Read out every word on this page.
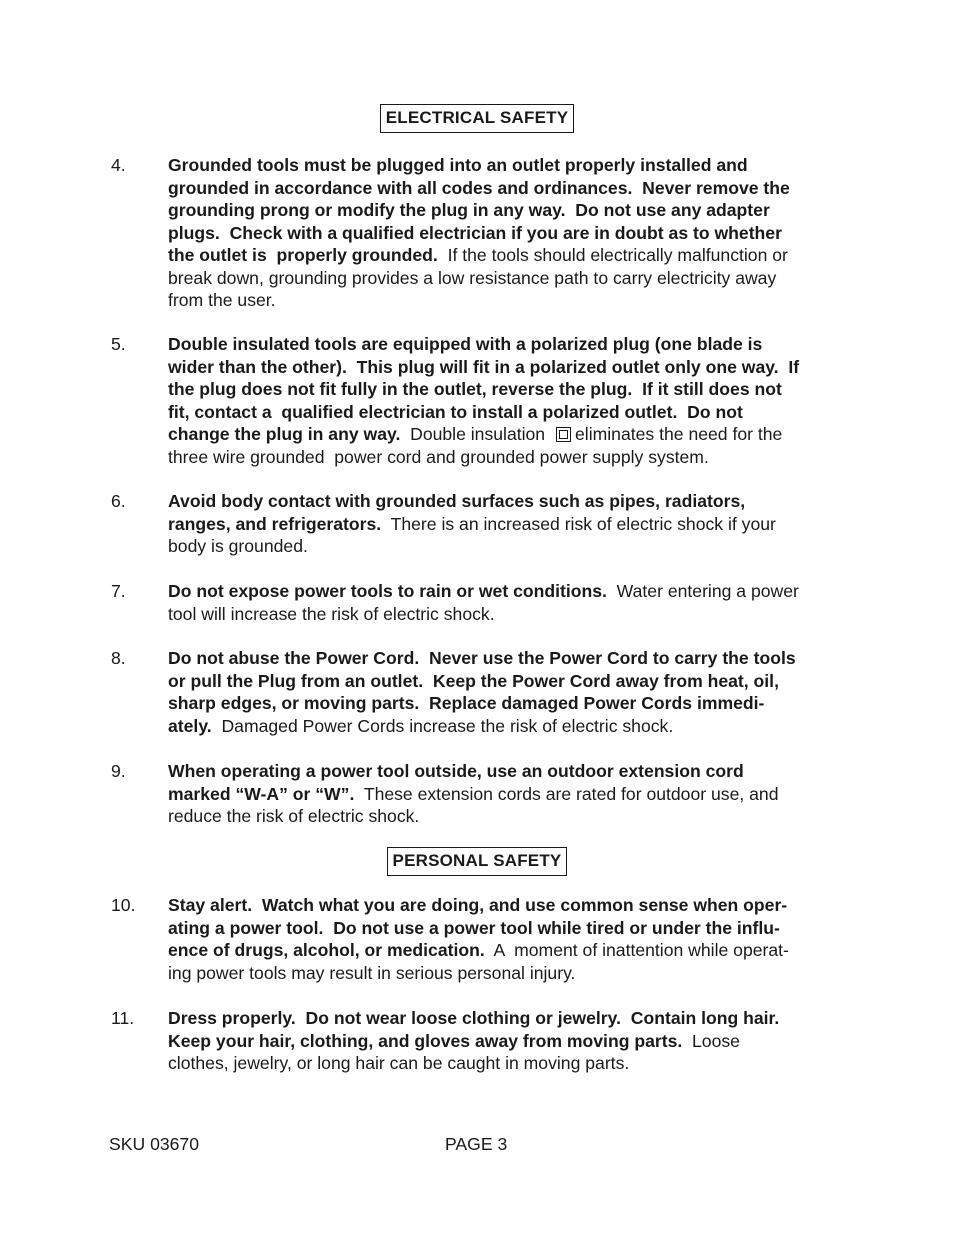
ELECTRICAL SAFETY
4. Grounded tools must be plugged into an outlet properly installed and
grounded in accordance with all codes and ordinances.  Never remove the
grounding prong or modify the plug in any way.  Do not use any adapter
plugs.  Check with a qualified electrician if you are in doubt as to whether
the outlet is  properly grounded.  If the tools should electrically malfunction or
break down, grounding provides a low resistance path to carry electricity away
from the user.
5. Double insulated tools are equipped with a polarized plug (one blade is
wider than the other).  This plug will fit in a polarized outlet only one way.  If
the plug does not fit fully in the outlet, reverse the plug.  If it still does not
fit, contact a  qualified electrician to install a polarized outlet.  Do not
change the plug in any way.  Double insulation eliminates the need for the
three wire grounded  power cord and grounded power supply system.
6. Avoid body contact with grounded surfaces such as pipes, radiators,
ranges, and refrigerators.  There is an increased risk of electric shock if your
body is grounded.
7. Do not expose power tools to rain or wet conditions.  Water entering a power
tool will increase the risk of electric shock.
8. Do not abuse the Power Cord.  Never use the Power Cord to carry the tools
or pull the Plug from an outlet.  Keep the Power Cord away from heat, oil,
sharp edges, or moving parts.  Replace damaged Power Cords immedi-
ately.  Damaged Power Cords increase the risk of electric shock.
9. When operating a power tool outside, use an outdoor extension cord
marked “W-A” or “W”.  These extension cords are rated for outdoor use, and
reduce the risk of electric shock.
PERSONAL SAFETY
10. Stay alert.  Watch what you are doing, and use common sense when oper-
ating a power tool.  Do not use a power tool while tired or under the influ-
ence of drugs, alcohol, or medication.  A  moment of inattention while operat-
ing power tools may result in serious personal injury.
11. Dress properly.  Do not wear loose clothing or jewelry.  Contain long hair.
Keep your hair, clothing, and gloves away from moving parts.  Loose
clothes, jewelry, or long hair can be caught in moving parts.
SKU 03670	PAGE 3
